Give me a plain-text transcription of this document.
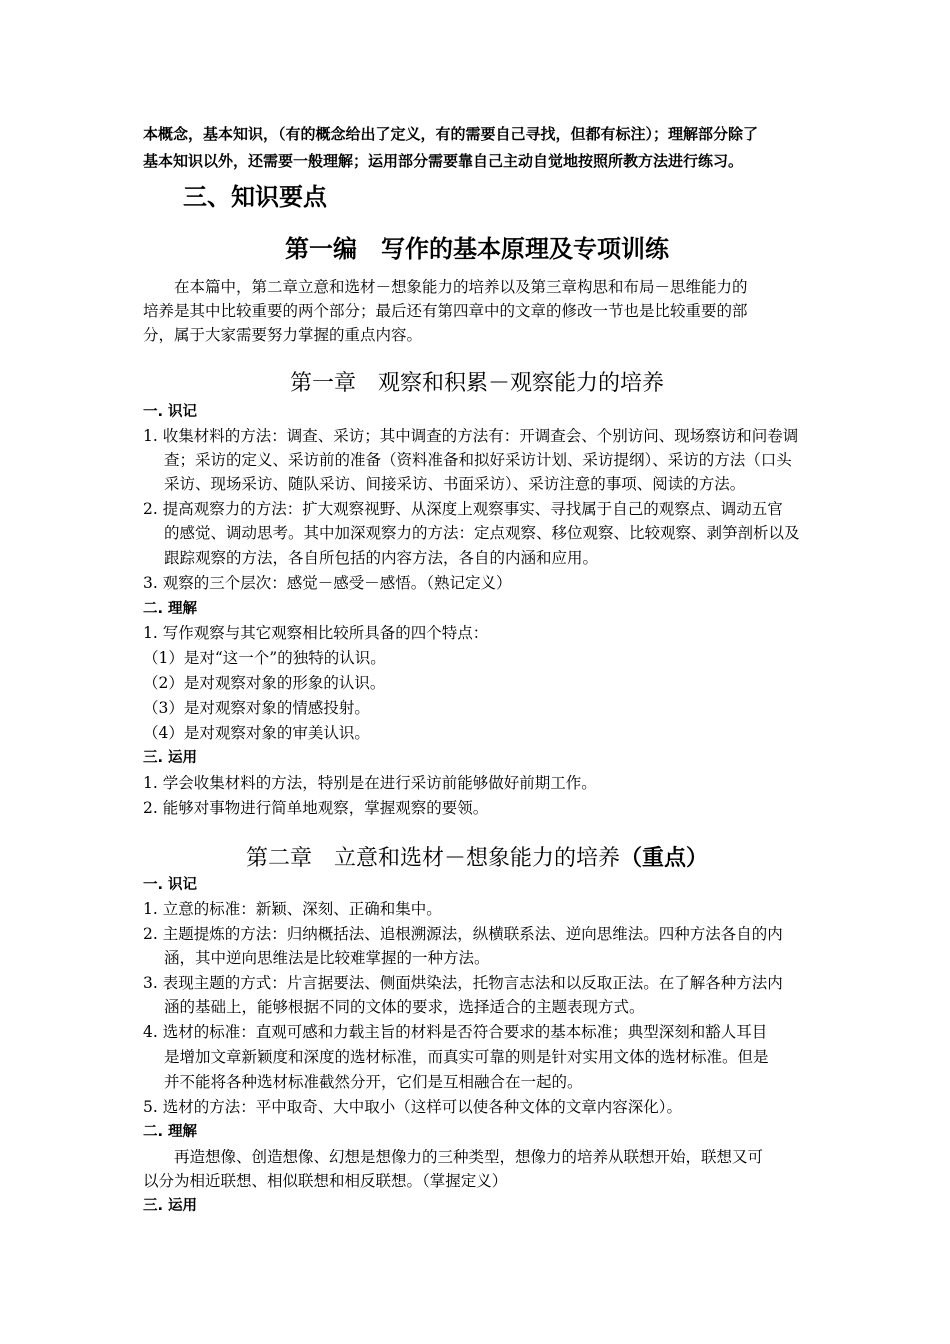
本概念，基本知识，（有的概念给出了定义，有的需要自己寻找，但都有标注）；理解部分除了
基本知识以外，还需要一般理解；运用部分需要靠自己主动自觉地按照所教方法进行练习。
三、知识要点
第一编　写作的基本原理及专项训练
　　在本篇中，第二章立意和选材－想象能力的培养以及第三章构思和布局－思维能力的
培养是其中比较重要的两个部分；最后还有第四章中的文章的修改一节也是比较重要的部
分，属于大家需要努力掌握的重点内容。
第一章　观察和积累－观察能力的培养
一. 识记
1. 收集材料的方法：调查、采访；其中调查的方法有：开调查会、个别访问、现场察访和问卷调
查；采访的定义、采访前的准备（资料准备和拟好采访计划、采访提纲）、采访的方法（口头
采访、现场采访、随队采访、间接采访、书面采访）、采访注意的事项、阅读的方法。
2. 提高观察力的方法：扩大观察视野、从深度上观察事实、寻找属于自己的观察点、调动五官
的感觉、调动思考。其中加深观察力的方法：定点观察、移位观察、比较观察、剥笋剖析以及
跟踪观察的方法，各自所包括的内容方法，各自的内涵和应用。
3. 观察的三个层次：感觉－感受－感悟。（熟记定义）
二. 理解
1. 写作观察与其它观察相比较所具备的四个特点：
（1）是对“这一个”的独特的认识。
（2）是对观察对象的形象的认识。
（3）是对观察对象的情感投射。
（4）是对观察对象的审美认识。
三. 运用
1. 学会收集材料的方法，特别是在进行采访前能够做好前期工作。
2. 能够对事物进行简单地观察，掌握观察的要领。
第二章　立意和选材－想象能力的培养（重点）
一. 识记
1. 立意的标准：新颖、深刻、正确和集中。
2. 主题提炼的方法：归纳概括法、追根溯源法，纵横联系法、逆向思维法。四种方法各自的内
涵，其中逆向思维法是比较难掌握的一种方法。
3. 表现主题的方式：片言据要法、侧面烘染法，托物言志法和以反取正法。在了解各种方法内
涵的基础上，能够根据不同的文体的要求，选择适合的主题表现方式。
4. 选材的标准：直观可感和力载主旨的材料是否符合要求的基本标准；典型深刻和豁人耳目
是增加文章新颖度和深度的选材标准，而真实可靠的则是针对实用文体的选材标准。但是
并不能将各种选材标准截然分开，它们是互相融合在一起的。
5. 选材的方法：平中取奇、大中取小（这样可以使各种文体的文章内容深化）。
二. 理解
　　再造想像、创造想像、幻想是想像力的三种类型，想像力的培养从联想开始，联想又可
以分为相近联想、相似联想和相反联想。（掌握定义）
三. 运用
